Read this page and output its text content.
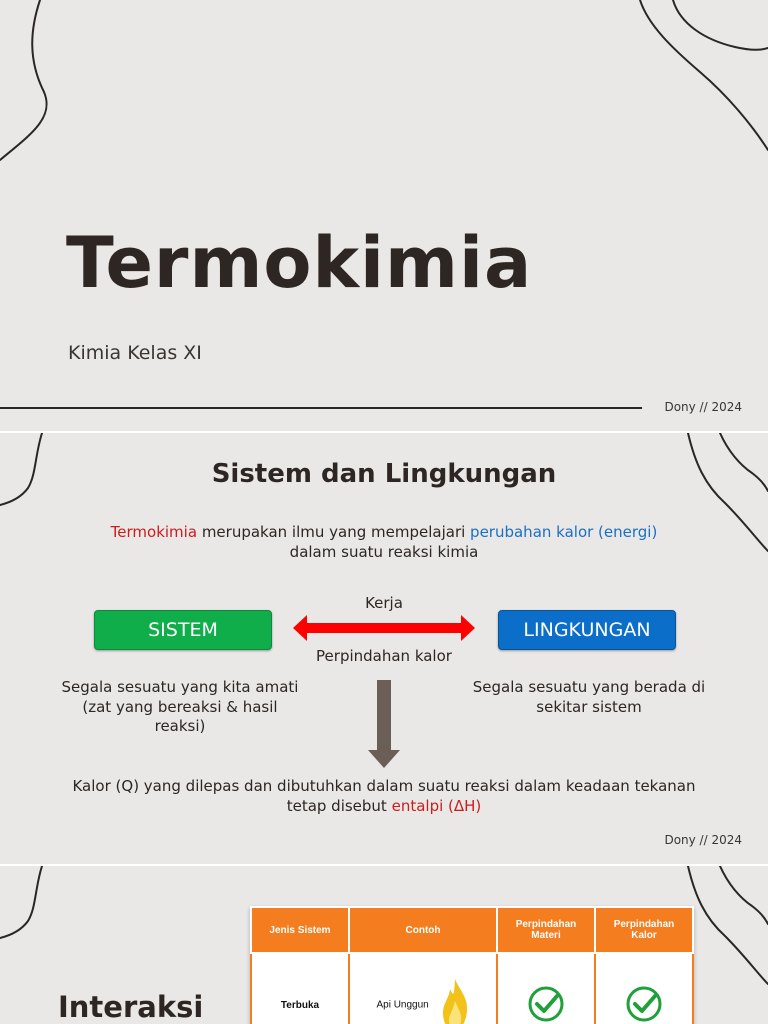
Termokimia

Kimia Kelas XI

Dony // 2024
Sistem dan Lingkungan

Termokimia merupakan ilmu yang mempelajari perubahan kalor (energi)
dalam suatu reaksi kimia

SISTEM
Kerja
Perpindahan kalor
LINGKUNGAN

Segala sesuatu yang kita amati (zat yang bereaksi & hasil reaksi)

Segala sesuatu yang berada di sekitar sistem

Kalor (Q) yang dilepas dan dibutuhkan dalam suatu reaksi dalam keadaan tekanan tetap disebut entalpi (ΔH)

Dony // 2024
Interaksi
Jenis Sistem	Contoh	Perpindahan Materi	Perpindahan Kalor
Terbuka	Api Unggun		
